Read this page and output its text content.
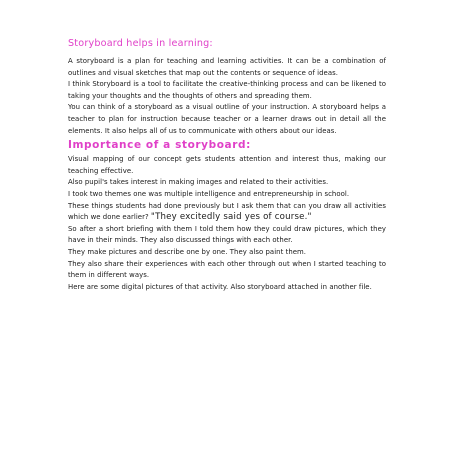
Storyboard helps in learning:

A storyboard is a plan for teaching and learning activities. It can be a combination of outlines and visual sketches that map out the contents or sequence of ideas.

I think Storyboard is a tool to facilitate the creative-thinking process and can be likened to taking your thoughts and the thoughts of others and spreading them.

You can think of a storyboard as a visual outline of your instruction. A storyboard helps a teacher to plan for instruction because teacher or a learner draws out in detail all the elements. It also helps all of us to communicate with others about our ideas.

Importance of a storyboard:

Visual mapping of our concept gets students attention and interest thus, making our teaching effective.

Also pupil's takes interest in making images and related to their activities.

I took two themes one was multiple intelligence and entrepreneurship in school.

These things students had done previously but I ask them that can you draw all activities which we done earlier? "They excitedly said yes of course."

So after a short briefing with them I told them how they could draw pictures, which they have in their minds. They also discussed things with each other.

They make pictures and describe one by one. They also paint them.

They also share their experiences with each other through out when I started teaching to them in different ways.

Here are some digital pictures of that activity. Also storyboard attached in another file.
